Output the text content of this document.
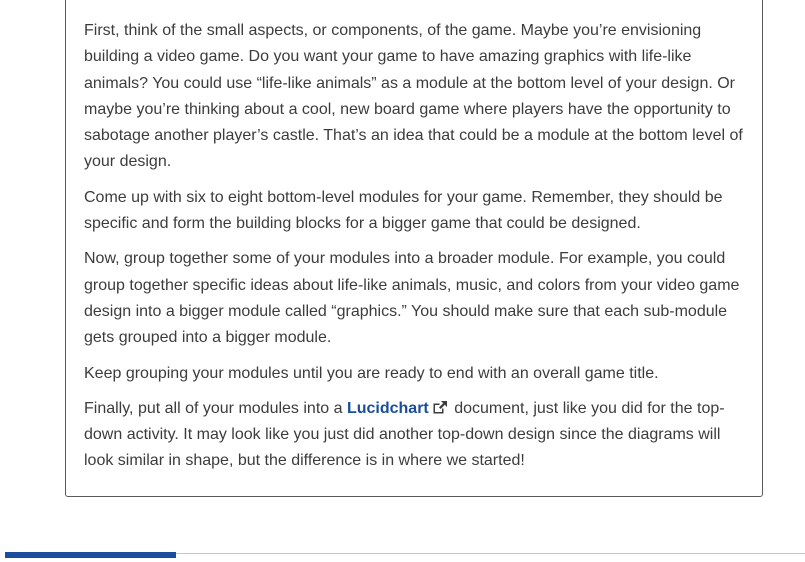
First, think of the small aspects, or components, of the game. Maybe you’re envisioning building a video game. Do you want your game to have amazing graphics with life-like animals? You could use “life-like animals” as a module at the bottom level of your design. Or maybe you’re thinking about a cool, new board game where players have the opportunity to sabotage another player’s castle. That’s an idea that could be a module at the bottom level of your design.

Come up with six to eight bottom-level modules for your game. Remember, they should be specific and form the building blocks for a bigger game that could be designed.

Now, group together some of your modules into a broader module. For example, you could group together specific ideas about life-like animals, music, and colors from your video game design into a bigger module called “graphics.” You should make sure that each sub-module gets grouped into a bigger module.

Keep grouping your modules until you are ready to end with an overall game title.

Finally, put all of your modules into a Lucidchart document, just like you did for the top-down activity. It may look like you just did another top-down design since the diagrams will look similar in shape, but the difference is in where we started!
